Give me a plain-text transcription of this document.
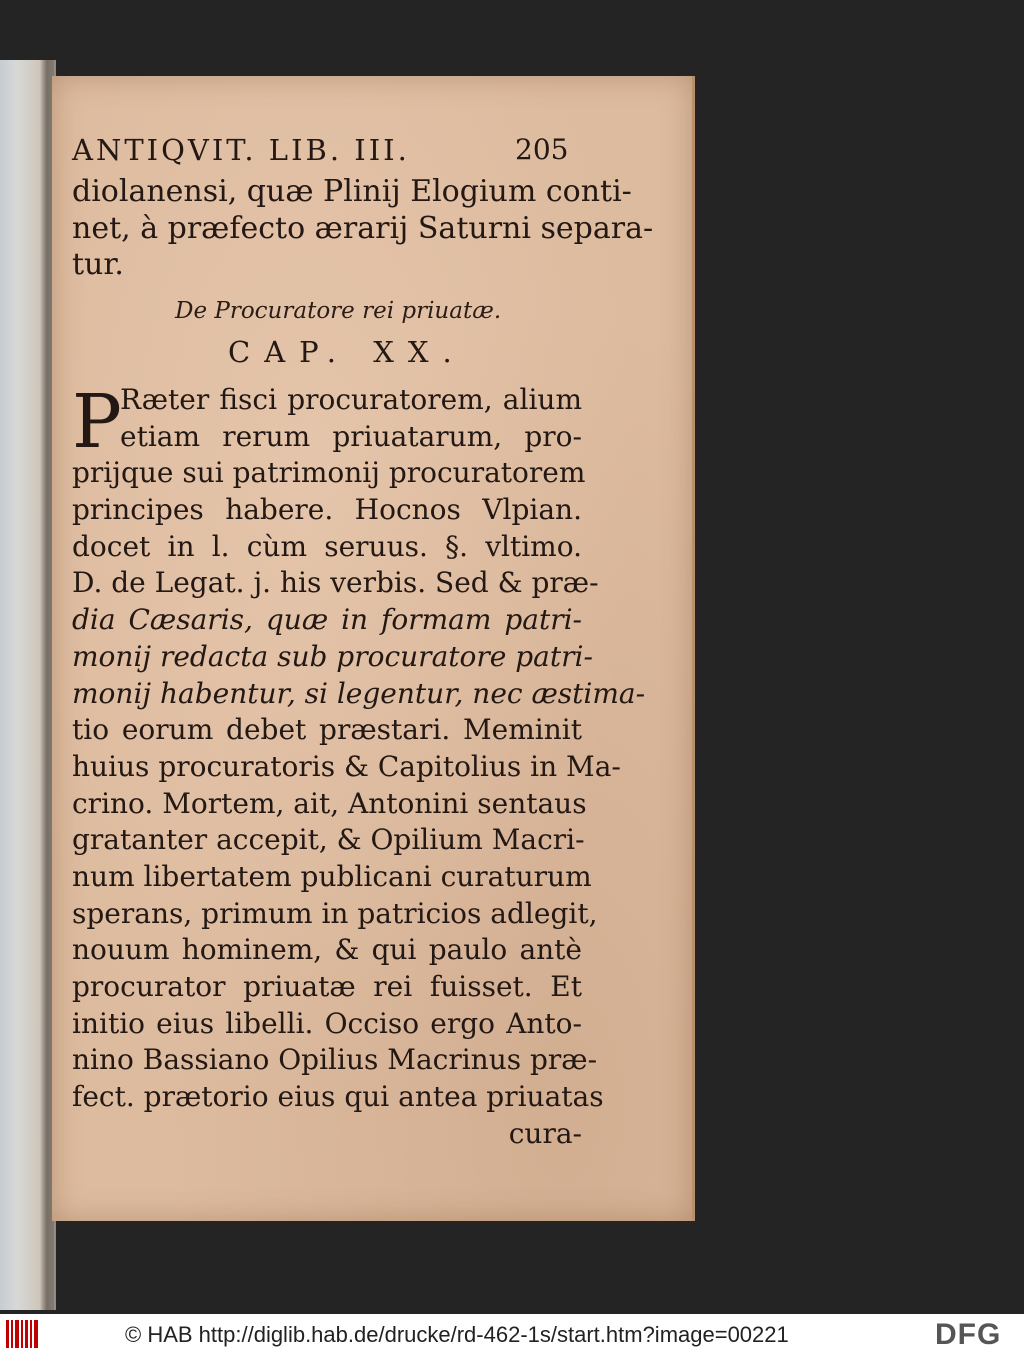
ANTIQVIT. LIB. III.	205
diolanensi, quæ Plinij Elogium conti-
net, à præfecto ærarij Saturni separa-
tur.
De Procuratore rei priuatæ.
CAP. XX.
P
Ræter fisci procuratorem, alium
etiam rerum priuatarum, pro-
prijque sui patrimonij procuratorem
principes habere. Hocnos Vlpian.
docet in l. cùm seruus. §. vltimo.
D. de Legat. j. his verbis. Sed & præ-
dia Cæsaris, quæ in formam patri-
monij redacta sub procuratore patri-
monij habentur, si legentur, nec æstima-
tio eorum debet præstari. Meminit
huius procuratoris & Capitolius in Ma-
crino. Mortem, ait, Antonini sentaus
gratanter accepit, & Opilium Macri-
num libertatem publicani curaturum
sperans, primum in patricios adlegit,
nouum hominem, & qui paulo antè
procurator priuatæ rei fuisset. Et
initio eius libelli. Occiso ergo Anto-
nino Bassiano Opilius Macrinus præ-
fect. prætorio eius qui antea priuatas
cura-
© HAB http://diglib.hab.de/drucke/rd-462-1s/start.htm?image=00221	DFG
